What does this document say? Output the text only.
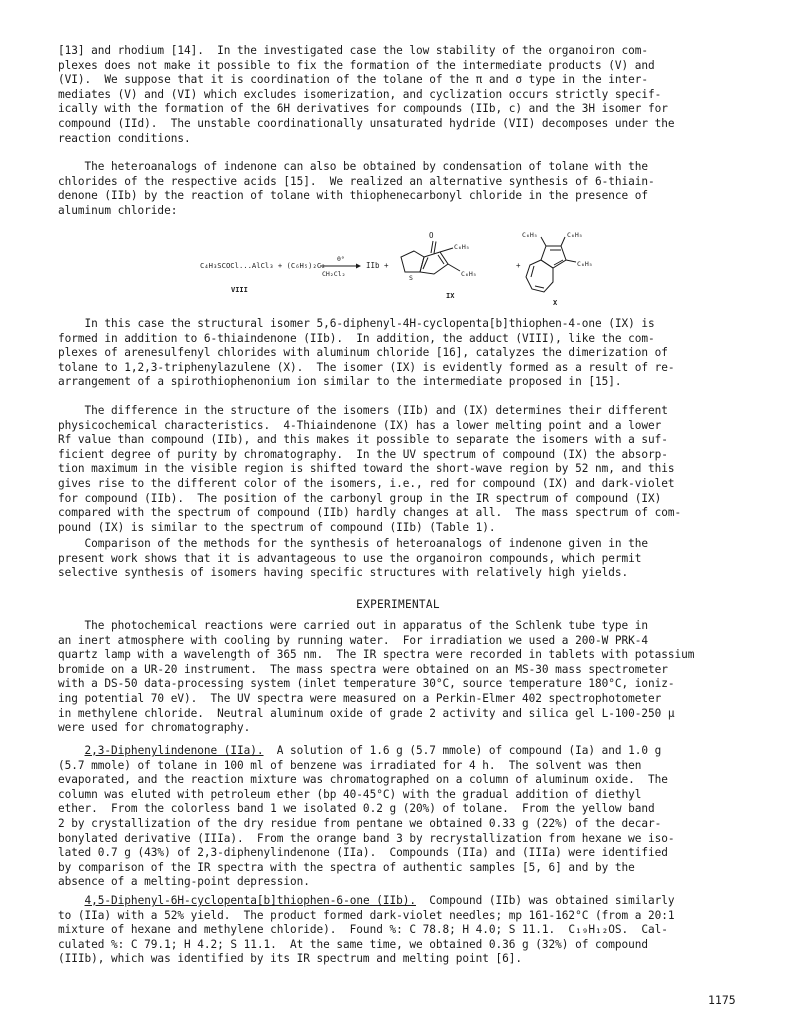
[13] and rhodium [14].  In the investigated case the low stability of the organoiron com-
plexes does not make it possible to fix the formation of the intermediate products (V) and
(VI).  We suppose that it is coordination of the tolane of the π and σ type in the inter-
mediates (V) and (VI) which excludes isomerization, and cyclization occurs strictly specif-
ically with the formation of the 6H derivatives for compounds (IIb, c) and the 3H isomer for
compound (IId).  The unstable coordinationally unsaturated hydride (VII) decomposes under the
reaction conditions.
The heteroanalogs of indenone can also be obtained by condensation of tolane with the
chlorides of the respective acids [15].  We realized an alternative synthesis of 6-thiain-
denone (IIb) by the reaction of tolane with thiophenecarbonyl chloride in the presence of
aluminum chloride:
C₄H₃SCOCl...AlCl₃ + (C₆H₅)₂C₂
0°
CH₂Cl₂
IIb +
VIII
O
C₆H₅
C₆H₅
S
IX
+
C₆H₅	C₆H₅
C₆H₅
X
In this case the structural isomer 5,6-diphenyl-4H-cyclopenta[b]thiophen-4-one (IX) is
formed in addition to 6-thiaindenone (IIb).  In addition, the adduct (VIII), like the com-
plexes of arenesulfenyl chlorides with aluminum chloride [16], catalyzes the dimerization of
tolane to 1,2,3-triphenylazulene (X).  The isomer (IX) is evidently formed as a result of re-
arrangement of a spirothiophenonium ion similar to the intermediate proposed in [15].
The difference in the structure of the isomers (IIb) and (IX) determines their different
physicochemical characteristics.  4-Thiaindenone (IX) has a lower melting point and a lower
Rf value than compound (IIb), and this makes it possible to separate the isomers with a suf-
ficient degree of purity by chromatography.  In the UV spectrum of compound (IX) the absorp-
tion maximum in the visible region is shifted toward the short-wave region by 52 nm, and this
gives rise to the different color of the isomers, i.e., red for compound (IX) and dark-violet
for compound (IIb).  The position of the carbonyl group in the IR spectrum of compound (IX)
compared with the spectrum of compound (IIb) hardly changes at all.  The mass spectrum of com-
pound (IX) is similar to the spectrum of compound (IIb) (Table 1).
Comparison of the methods for the synthesis of heteroanalogs of indenone given in the
present work shows that it is advantageous to use the organoiron compounds, which permit
selective synthesis of isomers having specific structures with relatively high yields.
EXPERIMENTAL
The photochemical reactions were carried out in apparatus of the Schlenk tube type in
an inert atmosphere with cooling by running water.  For irradiation we used a 200-W PRK-4
quartz lamp with a wavelength of 365 nm.  The IR spectra were recorded in tablets with potassium
bromide on a UR-20 instrument.  The mass spectra were obtained on an MS-30 mass spectrometer
with a DS-50 data-processing system (inlet temperature 30°C, source temperature 180°C, ioniz-
ing potential 70 eV).  The UV spectra were measured on a Perkin-Elmer 402 spectrophotometer
in methylene chloride.  Neutral aluminum oxide of grade 2 activity and silica gel L-100-250 μ
were used for chromatography.
2,3-Diphenylindenone (IIa).  A solution of 1.6 g (5.7 mmole) of compound (Ia) and 1.0 g
(5.7 mmole) of tolane in 100 ml of benzene was irradiated for 4 h.  The solvent was then
evaporated, and the reaction mixture was chromatographed on a column of aluminum oxide.  The
column was eluted with petroleum ether (bp 40-45°C) with the gradual addition of diethyl
ether.  From the colorless band 1 we isolated 0.2 g (20%) of tolane.  From the yellow band
2 by crystallization of the dry residue from pentane we obtained 0.33 g (22%) of the decar-
bonylated derivative (IIIa).  From the orange band 3 by recrystallization from hexane we iso-
lated 0.7 g (43%) of 2,3-diphenylindenone (IIa).  Compounds (IIa) and (IIIa) were identified
by comparison of the IR spectra with the spectra of authentic samples [5, 6] and by the
absence of a melting-point depression.
4,5-Diphenyl-6H-cyclopenta[b]thiophen-6-one (IIb).  Compound (IIb) was obtained similarly
to (IIa) with a 52% yield.  The product formed dark-violet needles; mp 161-162°C (from a 20:1
mixture of hexane and methylene chloride).  Found %: C 78.8; H 4.0; S 11.1.  C₁₉H₁₂OS.  Cal-
culated %: C 79.1; H 4.2; S 11.1.  At the same time, we obtained 0.36 g (32%) of compound
(IIIb), which was identified by its IR spectrum and melting point [6].
1175
